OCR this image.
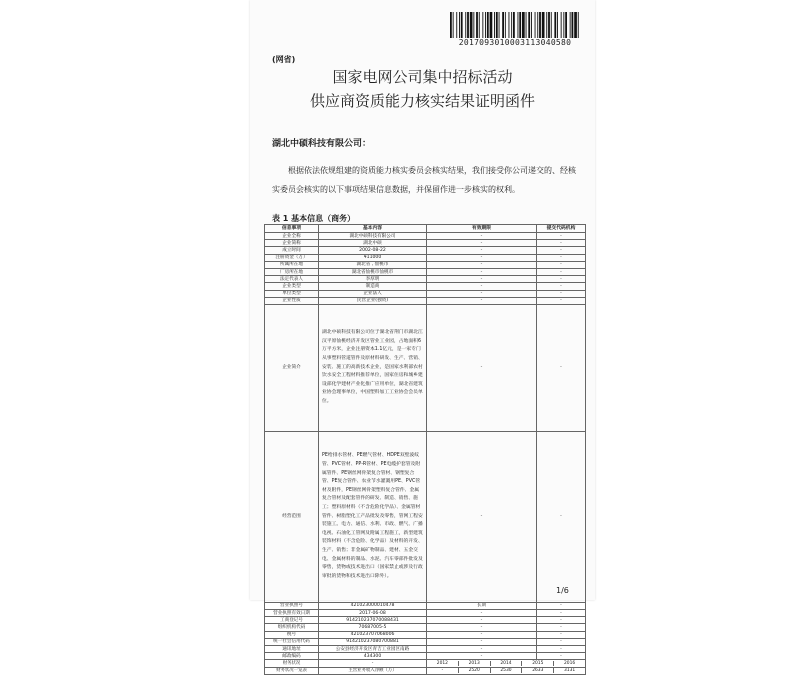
20170930100031130405​80
(网省)
国家电网公司集中招标活动
供应商资质能力核实结果证明函件
湖北中硕科技有限公司：
根据依法依规组建的资质能力核实委员会核实结果，我们接受你公司递交的、经核实委员会核实的以下事项结果信息数据，并保留作进一步核实的权利。
表 1 基本信息（商务）
信息事项	基本内容	有效期限	提交代码机构
企业全称	湖北中硕科技有限公司	-	-
企业简称	湖北中硕	-	-
成立时间	2002-08-22	-	-
注册资金（万）	¥11000	-	-
所属所在地	湖北省 , 仙桃市	-	-
厂房所在地	湖北省仙桃市仙桃市	-	-
法定代表人	李厚明	-	-
企业类型	制造商	-	-
单位类型	企业法人	-	-
企业性质	民营企业(独资)	-	-
企业简介	湖北中硕科技有限公司位于湖北省荆门市湖北江汉平原仙桃经济开发区管业工业园，占地面积6万平方米，企业注册资本1.1亿元，是一家专门从事塑料管道管件及原材料研发、生产、营销、安装、施工的高新技术企业，是国家水利部农村饮水安全工程材料推荐单位，国家住房和城乡建设部化学建材产业化推广应用单位，湖北省建筑业协会理事单位，中国塑料加工工业协会会员单位。	-	-
经营范围	PE给排水管材、PE燃气管材、HDPE双壁波纹管、PVC管材、PP-R管材、PE电缆护套管及附属管件、PE钢丝网骨架复合管材、钢塑复合管、PE复合管件、农业节水灌溉用PE、PVC管材及附件，PE钢丝网骨架塑料复合管件、金属复合管材及配套管件的研发、制造、销售、施工；塑料原材料（不含危险化学品）、金属管材管件、树脂塑化工产品批发及零售，管网工程安装施工。电力、通信、水利、市政、燃气、广播电视、石油化工管网及附属工程施工，新型建筑装饰材料（不含危险、化学品）及材料的开发、生产、销售；非金属矿物制品、建材、五金交电、金属材料的制品、水泥、汽车零部件批发及零售，货物或技术进出口（国家禁止或涉及行政审批的货物和技术进出口除外）。	-	-
营业执照号	421023000010478	长期	-
营业执照有效日期	2017-06-08	-	-
工商登记号	914210237070088431	-	-
组织机构代码	70687005-5	-	-
税号	421023707068006	-	-
统一社会信用代码	914210237080700881	-	-
通讯地址	公安县经济开发区青吉工业园区南路	-	-
邮政编码	434300	-	-
财务状况	-	2012 2013 2014 2015 2016	

财务状况一览表	主营业务收入净额（万）	- 2520 2530 2633 3131	
1/6
